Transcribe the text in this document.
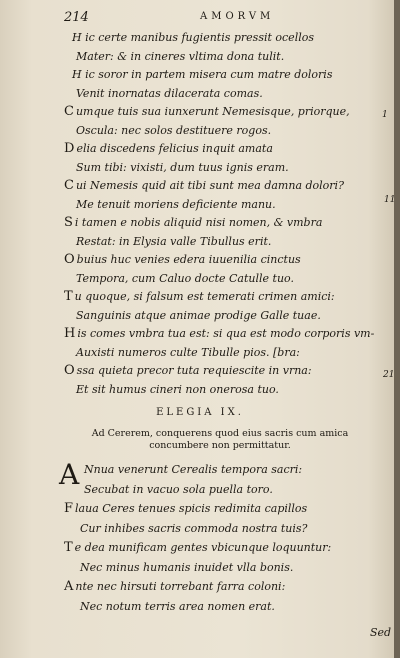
214	AMORVM
H ic certe manibus fugientis pressit ocellos
Mater: & in cineres vltima dona tulit.
H ic soror in partem misera cum matre doloris
Venit inornatas dilacerata comas.
C umque tuis sua iunxerunt Nemesisque, priorque,
Oscula: nec solos destituere rogos.
D elia discedens felicius inquit amata
Sum tibi: vixisti, dum tuus ignis eram.
C ui Nemesis quid ait tibi sunt mea damna dolori?
Me tenuit moriens deficiente manu.
S i tamen e nobis aliquid nisi nomen, & vmbra
Restat: in Elysia valle Tibullus erit.
O buius huc venies edera iuuenilia cinctus
Tempora, cum Caluo docte Catulle tuo.
T u quoque, si falsum est temerati crimen amici:
Sanguinis atque animae prodige Galle tuae.
H is comes vmbra tua est: si qua est modo corporis vm-
Auxisti numeros culte Tibulle pios. [bra:
O ssa quieta precor tuta requiescite in vrna:
Et sit humus cineri non onerosa tuo.
1
11
21
ELEGIA IX.
Ad Cererem, conquerens quod eius sacris cum amica
concumbere non permittatur.
A Nnua venerunt Cerealis tempora sacri:
Secubat in vacuo sola puella toro.
F laua Ceres tenues spicis redimita capillos
Cur inhibes sacris commoda nostra tuis?
T e dea munificam gentes vbicunque loquuntur:
Nec minus humanis inuidet vlla bonis.
A nte nec hirsuti torrebant farra coloni:
Nec notum terris area nomen erat.
Sed
